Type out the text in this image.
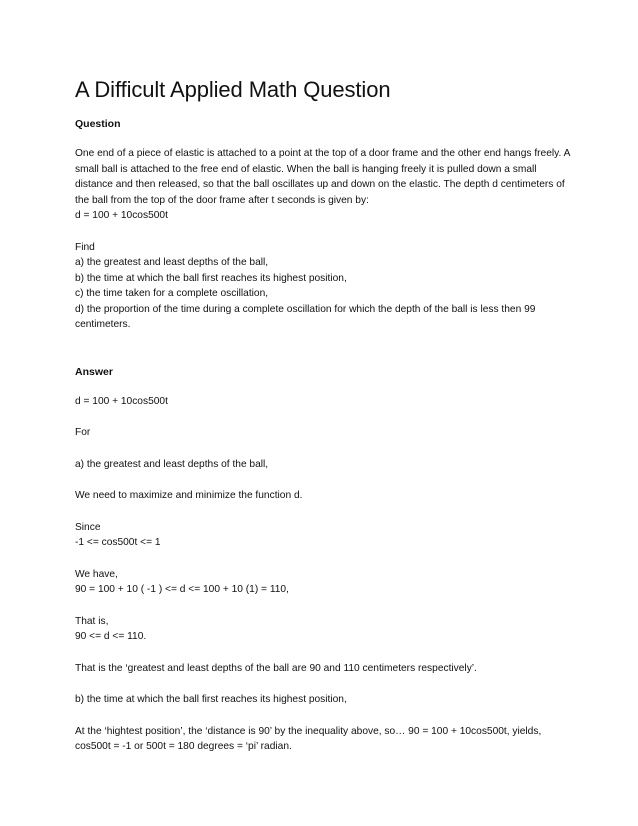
A Difficult Applied Math Question
Question
One end of a piece of elastic is attached to a point at the top of a door frame and the other end hangs freely. A
small ball is attached to the free end of elastic. When the ball is hanging freely it is pulled down a small
distance and then released, so that the ball oscillates up and down on the elastic. The depth d centimeters of
the ball from the top of the door frame after t seconds is given by:
d = 100 + 10cos500t
Find
a) the greatest and least depths of the ball,
b) the time at which the ball first reaches its highest position,
c) the time taken for a complete oscillation,
d) the proportion of the time during a complete oscillation for which the depth of the ball is less then 99
centimeters.
Answer
d = 100 + 10cos500t
For
a) the greatest and least depths of the ball,
We need to maximize and minimize the function d.
Since
-1 <= cos500t <= 1
We have,
90 = 100 + 10 ( -1 ) <= d <= 100 + 10 (1) = 110,
That is,
90 <= d <= 110.
That is the ‘greatest and least depths of the ball are 90 and 110 centimeters respectively’.
b) the time at which the ball first reaches its highest position,
At the ‘hightest position’, the ‘distance is 90’ by the inequality above, so… 90 = 100 + 10cos500t, yields,
cos500t = -1 or 500t = 180 degrees = ‘pi’ radian.
